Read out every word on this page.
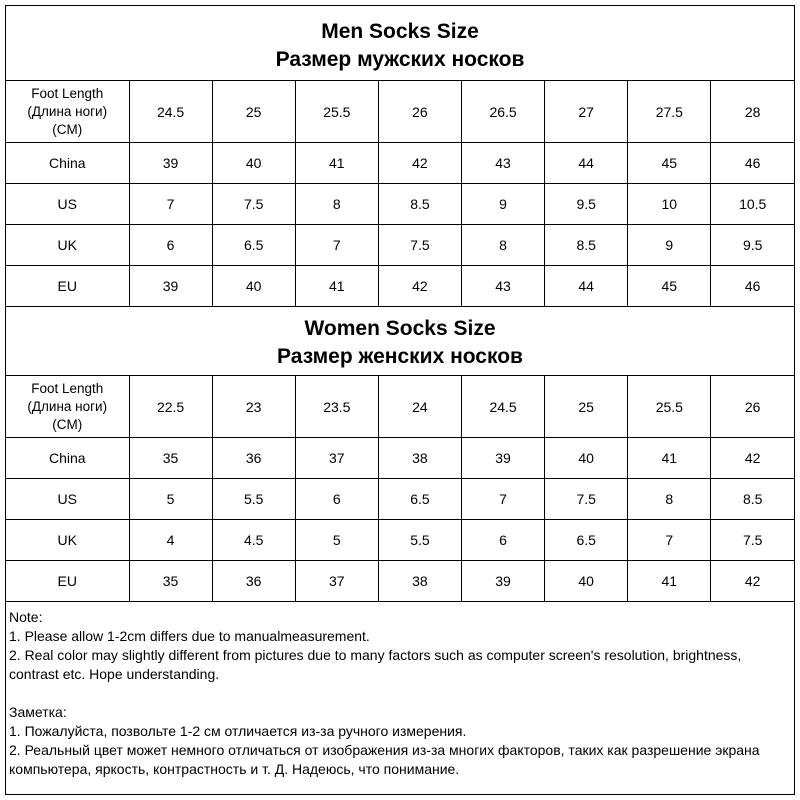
Men Socks Size
Размер мужских носков
Foot Length
(Длина ноги)
(CM)	24.5	25	25.5	26	26.5	27	27.5	28
China	39	40	41	42	43	44	45	46
US	7	7.5	8	8.5	9	9.5	10	10.5
UK	6	6.5	7	7.5	8	8.5	9	9.5
EU	39	40	41	42	43	44	45	46
Women Socks Size
Размер женских носков
Foot Length
(Длина ноги)
(CM)	22.5	23	23.5	24	24.5	25	25.5	26
China	35	36	37	38	39	40	41	42
US	5	5.5	6	6.5	7	7.5	8	8.5
UK	4	4.5	5	5.5	6	6.5	7	7.5
EU	35	36	37	38	39	40	41	42

Note:

1. Please allow 1-2cm differs due to manualmeasurement.

2. Real color may slightly different from pictures due to many factors such as computer screen's resolution, brightness, contrast etc. Hope understanding.

Заметка:

1. Пожалуйста, позвольте 1-2 см отличается из-за ручного измерения.

2. Реальный цвет может немного отличаться от изображения из-за многих факторов, таких как разрешение экрана компьютера, яркость, контрастность и т. Д. Надеюсь, что понимание.
